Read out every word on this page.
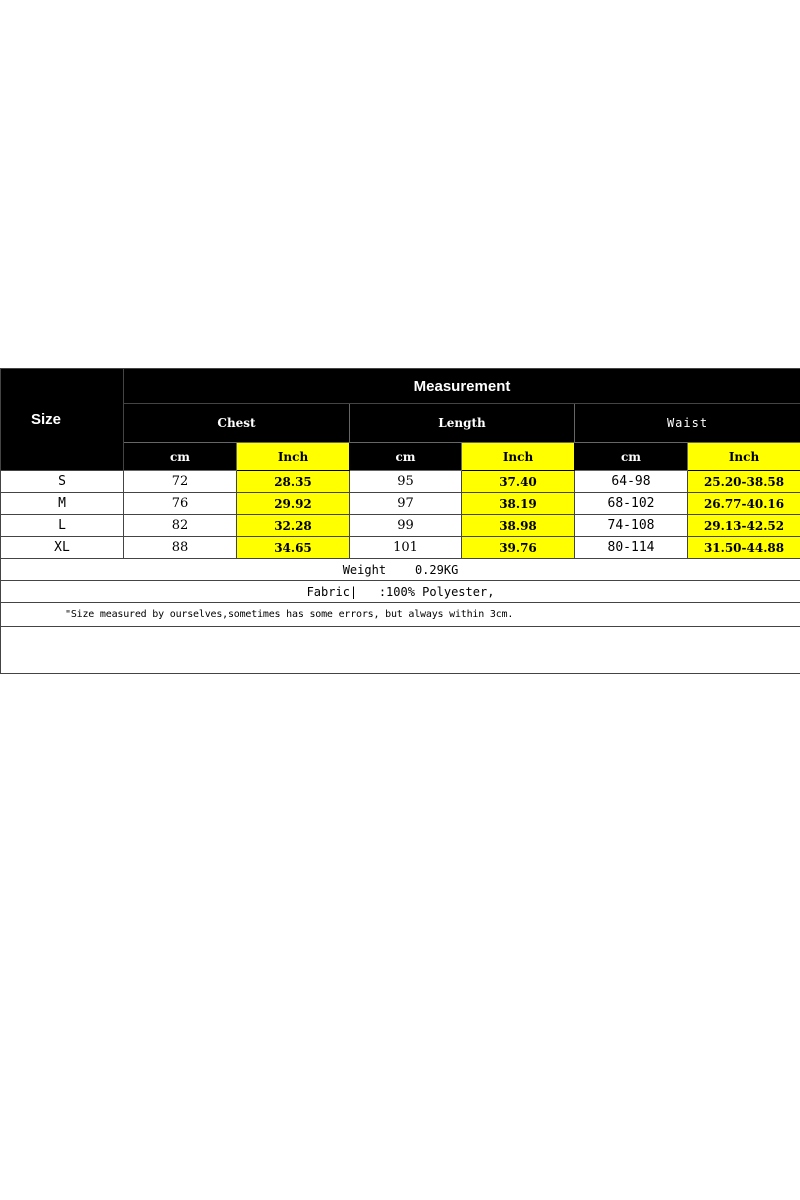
Size	Measurement					
	Chest		Length		Waist	
	cm	Inch	cm	Inch	cm	Inch
S	72	28.35	95	37.40	64-98	25.20-38.58
M	76	29.92	97	38.19	68-102	26.77-40.16
L	82	32.28	99	38.98	74-108	29.13-42.52
XL	88	34.65	101	39.76	80-114	31.50-44.88
Weight    0.29KG						
Fabric|   :100% Polyester,						
"Size measured by ourselves,sometimes has some errors, but always within 3cm.						
